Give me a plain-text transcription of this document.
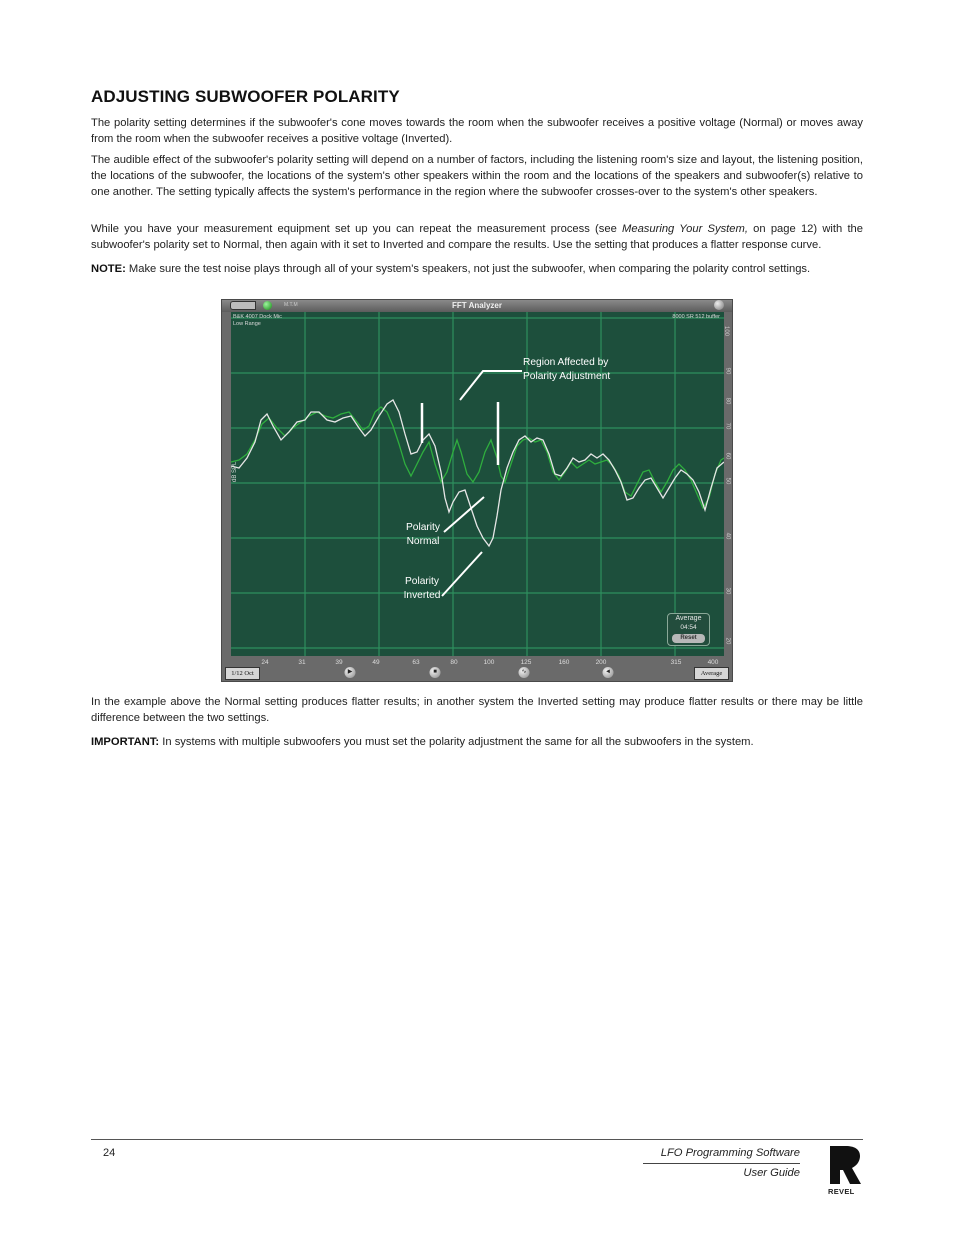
ADJUSTING SUBWOOFER POLARITY

The polarity setting determines if the subwoofer's cone moves towards the room when the subwoofer receives a positive voltage (Normal) or moves away from the room when the subwoofer receives a positive voltage (Inverted).

The audible effect of the subwoofer's polarity setting will depend on a number of factors, including the listening room's size and layout, the listening position, the locations of the subwoofer, the locations of the system's other speakers within the room and the locations of the speakers and subwoofer(s) relative to one another. The setting typically affects the system's performance in the region where the subwoofer crosses-over to the system's other speakers.

While you have your measurement equipment set up you can repeat the measurement process (see Measuring Your System, on page 12) with the subwoofer's polarity set to Normal, then again with it set to Inverted and compare the results. Use the setting that produces a flatter response curve.

NOTE: Make sure the test noise plays through all of your system's speakers, not just the subwoofer, when comparing the polarity control settings.

M.T.M	FFT Analyzer
B&K 4007 Dock Mic
Low Range
8000 SR 512 buffer
dB SPL
100
90
70
50
40
30
20
80
60
Average
04:54
Reset
24	31	39	49	63	80	100	125	160	200	315	400
1/12 Oct	▶	■	∿	◄	Average
Region Affected by
Polarity Adjustment
Polarity
Normal
Polarity
Inverted

In the example above the Normal setting produces flatter results; in another system the Inverted setting may produce flatter results or there may be little difference between the two settings.

IMPORTANT: In systems with multiple subwoofers you must set the polarity adjustment the same for all the subwoofers in the system.

24	LFO Programming Software
User Guide
REVEL
